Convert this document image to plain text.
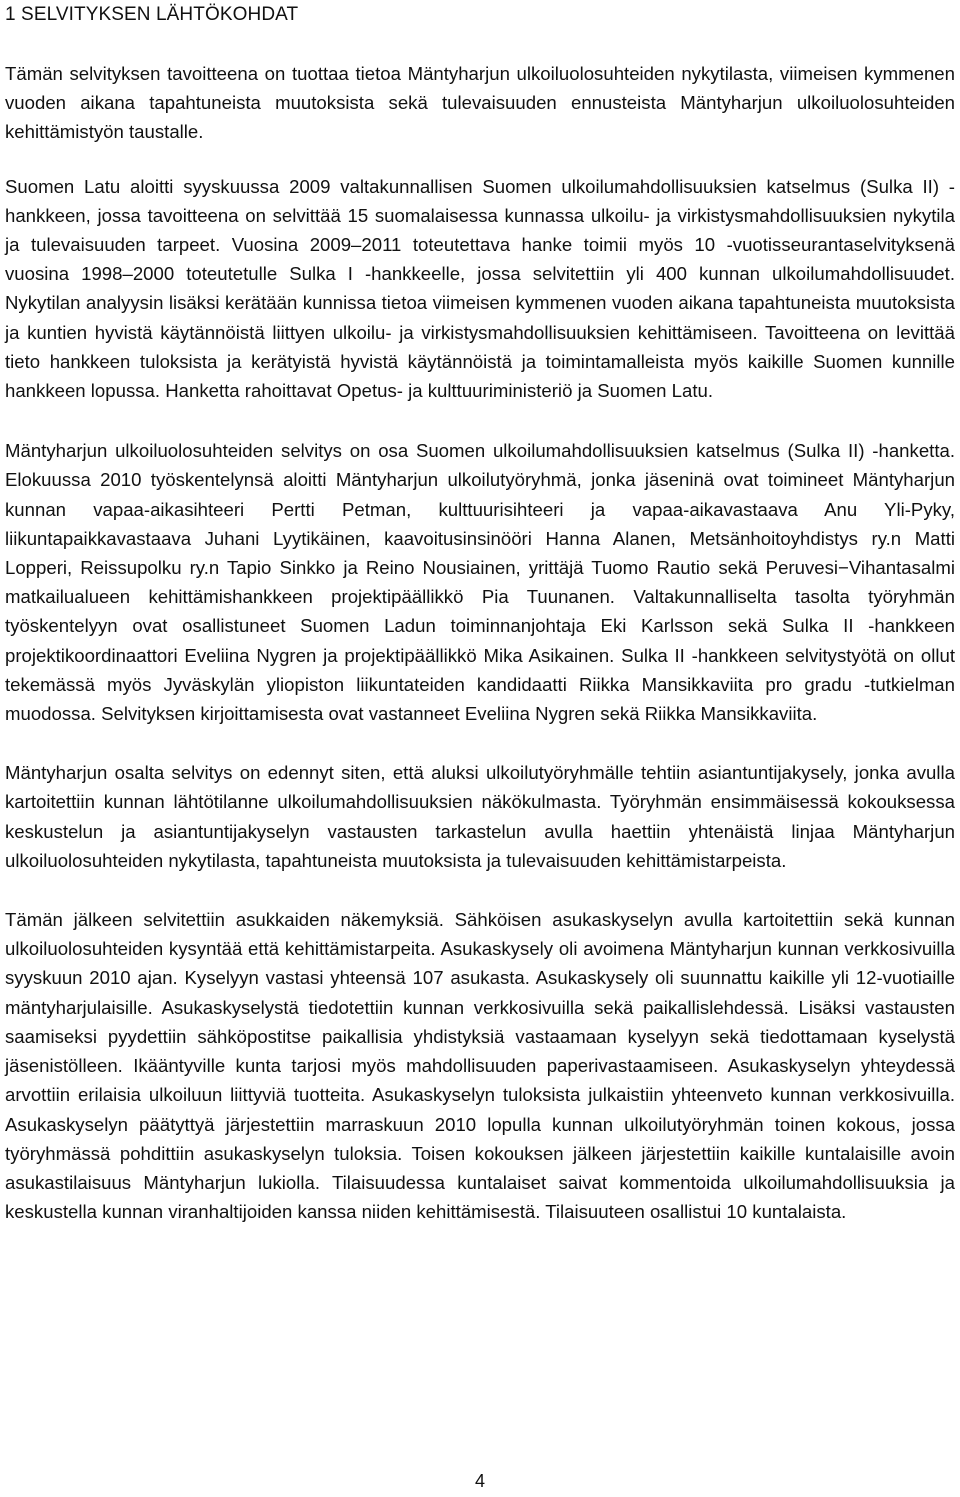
1 SELVITYKSEN LÄHTÖKOHDAT

Tämän selvityksen tavoitteena on tuottaa tietoa Mäntyharjun ulkoiluolosuhteiden nykytilasta, viimeisen kymmenen vuoden aikana tapahtuneista muutoksista sekä tulevaisuuden ennusteista Mäntyharjun ulkoiluolosuhteiden kehittämistyön taustalle.

Suomen Latu aloitti syyskuussa 2009 valtakunnallisen Suomen ulkoilumahdollisuuksien katselmus (Sulka II) -hankkeen, jossa tavoitteena on selvittää 15 suomalaisessa kunnassa ulkoilu- ja virkistysmahdollisuuksien nykytila ja tulevaisuuden tarpeet. Vuosina 2009–2011 toteutettava hanke toimii myös 10 -vuotisseurantaselvityksenä vuosina 1998–2000 toteutetulle Sulka I -hankkeelle, jossa selvitettiin yli 400 kunnan ulkoilumahdollisuudet. Nykytilan analyysin lisäksi kerätään kunnissa tietoa viimeisen kymmenen vuoden aikana tapahtuneista muutoksista ja kuntien hyvistä käytännöistä liittyen ulkoilu- ja virkistysmahdollisuuksien kehittämiseen. Tavoitteena on levittää tieto hankkeen tuloksista ja kerätyistä hyvistä käytännöistä ja toimintamalleista myös kaikille Suomen kunnille hankkeen lopussa. Hanketta rahoittavat Opetus- ja kulttuuriministeriö ja Suomen Latu.

Mäntyharjun ulkoiluolosuhteiden selvitys on osa Suomen ulkoilumahdollisuuksien katselmus (Sulka II) -hanketta. Elokuussa 2010 työskentelynsä aloitti Mäntyharjun ulkoilutyöryhmä, jonka jäseninä ovat toimineet Mäntyharjun kunnan vapaa-aikasihteeri Pertti Petman, kulttuurisihteeri ja vapaa-aikavastaava Anu Yli-Pyky, liikuntapaikkavastaava Juhani Lyytikäinen, kaavoitusinsinööri Hanna Alanen, Metsänhoitoyhdistys ry.n Matti Lopperi, Reissupolku ry.n Tapio Sinkko ja Reino Nousiainen, yrittäjä Tuomo Rautio sekä Peruvesi−Vihantasalmi matkailualueen kehittämishankkeen projektipäällikkö Pia Tuunanen. Valtakunnalliselta tasolta työryhmän työskentelyyn ovat osallistuneet Suomen Ladun toiminnanjohtaja Eki Karlsson sekä Sulka II -hankkeen projektikoordinaattori Eveliina Nygren ja projektipäällikkö Mika Asikainen. Sulka II -hankkeen selvitystyötä on ollut tekemässä myös Jyväskylän yliopiston liikuntateiden kandidaatti Riikka Mansikkaviita pro gradu -tutkielman muodossa. Selvityksen kirjoittamisesta ovat vastanneet Eveliina Nygren sekä Riikka Mansikkaviita.

Mäntyharjun osalta selvitys on edennyt siten, että aluksi ulkoilutyöryhmälle tehtiin asiantuntijakysely, jonka avulla kartoitettiin kunnan lähtötilanne ulkoilumahdollisuuksien näkökulmasta. Työryhmän ensimmäisessä kokouksessa keskustelun ja asiantuntijakyselyn vastausten tarkastelun avulla haettiin yhtenäistä linjaa Mäntyharjun ulkoiluolosuhteiden nykytilasta, tapahtuneista muutoksista ja tulevaisuuden kehittämistarpeista.

Tämän jälkeen selvitettiin asukkaiden näkemyksiä. Sähköisen asukaskyselyn avulla kartoitettiin sekä kunnan ulkoiluolosuhteiden kysyntää että kehittämistarpeita. Asukaskysely oli avoimena Mäntyharjun kunnan verkkosivuilla syyskuun 2010 ajan. Kyselyyn vastasi yhteensä 107 asukasta. Asukaskysely oli suunnattu kaikille yli 12-vuotiaille mäntyharjulaisille. Asukaskyselystä tiedotettiin kunnan verkkosivuilla sekä paikallislehdessä. Lisäksi vastausten saamiseksi pyydettiin sähköpostitse paikallisia yhdistyksiä vastaamaan kyselyyn sekä tiedottamaan kyselystä jäsenistölleen. Ikääntyville kunta tarjosi myös mahdollisuuden paperivastaamiseen. Asukaskyselyn yhteydessä arvottiin erilaisia ulkoiluun liittyviä tuotteita. Asukaskyselyn tuloksista julkaistiin yhteenveto kunnan verkkosivuilla. Asukaskyselyn päätyttyä järjestettiin marraskuun 2010 lopulla kunnan ulkoilutyöryhmän toinen kokous, jossa työryhmässä pohdittiin asukaskyselyn tuloksia. Toisen kokouksen jälkeen järjestettiin kaikille kuntalaisille avoin asukastilaisuus Mäntyharjun lukiolla. Tilaisuudessa kuntalaiset saivat kommentoida ulkoilumahdollisuuksia ja keskustella kunnan viranhaltijoiden kanssa niiden kehittämisestä. Tilaisuuteen osallistui 10 kuntalaista.

4
